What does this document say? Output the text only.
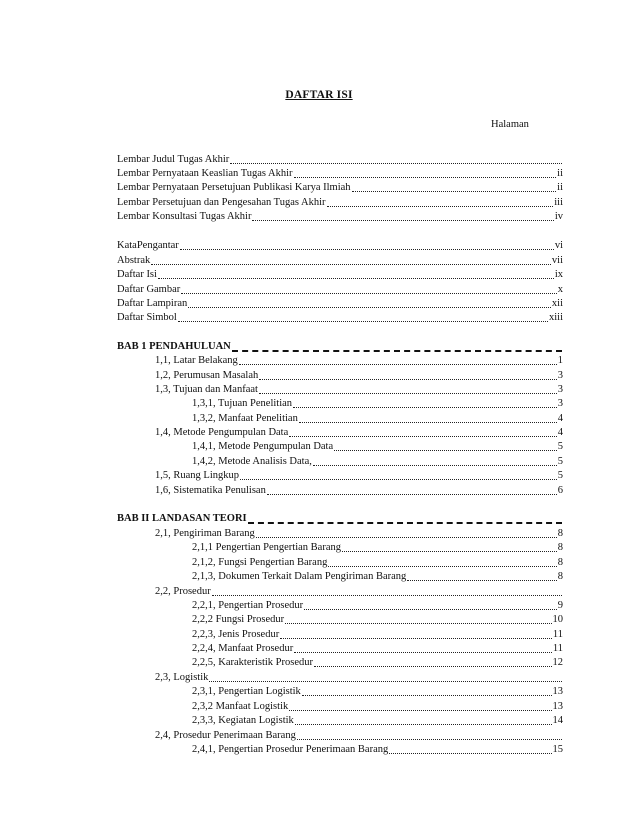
DAFTAR ISI
Halaman
Lembar Judul Tugas Akhir
Lembar Pernyataan Keaslian Tugas Akhir	ii
Lembar Pernyataan Persetujuan Publikasi Karya Ilmiah	ii
Lembar Persetujuan dan Pengesahan Tugas Akhir	iii
Lembar Konsultasi Tugas Akhir	iv
KataPengantar	vi
Abstrak	vii
Daftar Isi	ix
Daftar Gambar	x
Daftar Lampiran	xii
Daftar Simbol	xiii
BAB 1 PENDAHULUAN
1,1, Latar Belakang	1
1,2, Perumusan Masalah	3
1,3, Tujuan dan Manfaat	3
1,3,1, Tujuan Penelitian	3
1,3,2, Manfaat Penelitian	4
1,4, Metode Pengumpulan Data	4
1,4,1, Metode Pengumpulan Data	5
1,4,2, Metode Analisis Data,	5
1,5, Ruang Lingkup	5
1,6, Sistematika Penulisan	6
BAB II LANDASAN TEORI
2,1, Pengiriman Barang	8
2,1,1 Pengertian Pengertian Barang	8
2,1,2, Fungsi Pengertian Barang	8
2,1,3, Dokumen Terkait Dalam Pengiriman Barang	8
2,2, Prosedur
2,2,1, Pengertian Prosedur	9
2,2,2 Fungsi Prosedur	10
2,2,3, Jenis Prosedur	11
2,2,4, Manfaat Prosedur	11
2,2,5, Karakteristik Prosedur	12
2,3, Logistik
2,3,1, Pengertian Logistik	13
2,3,2 Manfaat Logistik	13
2,3,3, Kegiatan Logistik	14
2,4, Prosedur Penerimaan Barang
2,4,1, Pengertian Prosedur Penerimaan Barang	15
